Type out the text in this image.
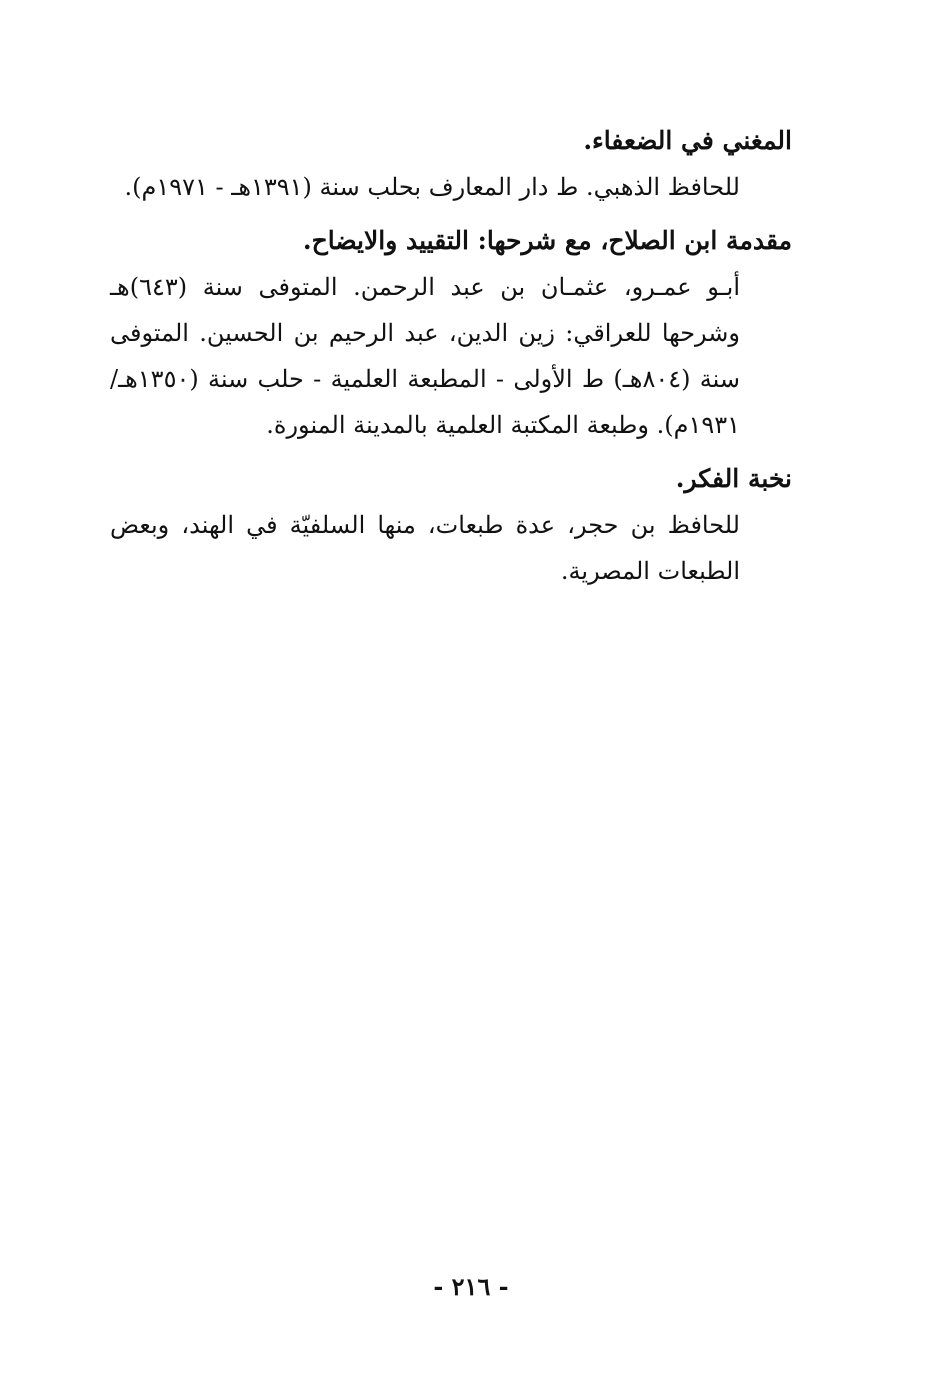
المغني في الضعفاء.

للحافظ الذهبي. ط دار المعارف بحلب سنة (١٣٩١هـ - ١٩٧١م).

مقدمة ابن الصلاح، مع شرحها: التقييد والايضاح.

أبـو عمـرو، عثمـان بن عبد الرحمن. المتوفى سنة (٦٤٣)هـ وشرحها للعراقي: زين الدين، عبد الرحيم بن الحسين. المتوفى سنة (٨٠٤هـ) ط الأولى - المطبعة العلمية - حلب سنة (١٣٥٠هـ/١٩٣١م). وطبعة المكتبة العلمية بالمدينة المنورة.

نخبة الفكر.

للحافظ بن حجر، عدة طبعات، منها السلفيّة في الهند، وبعض الطبعات المصرية.

- ٢١٦ -
